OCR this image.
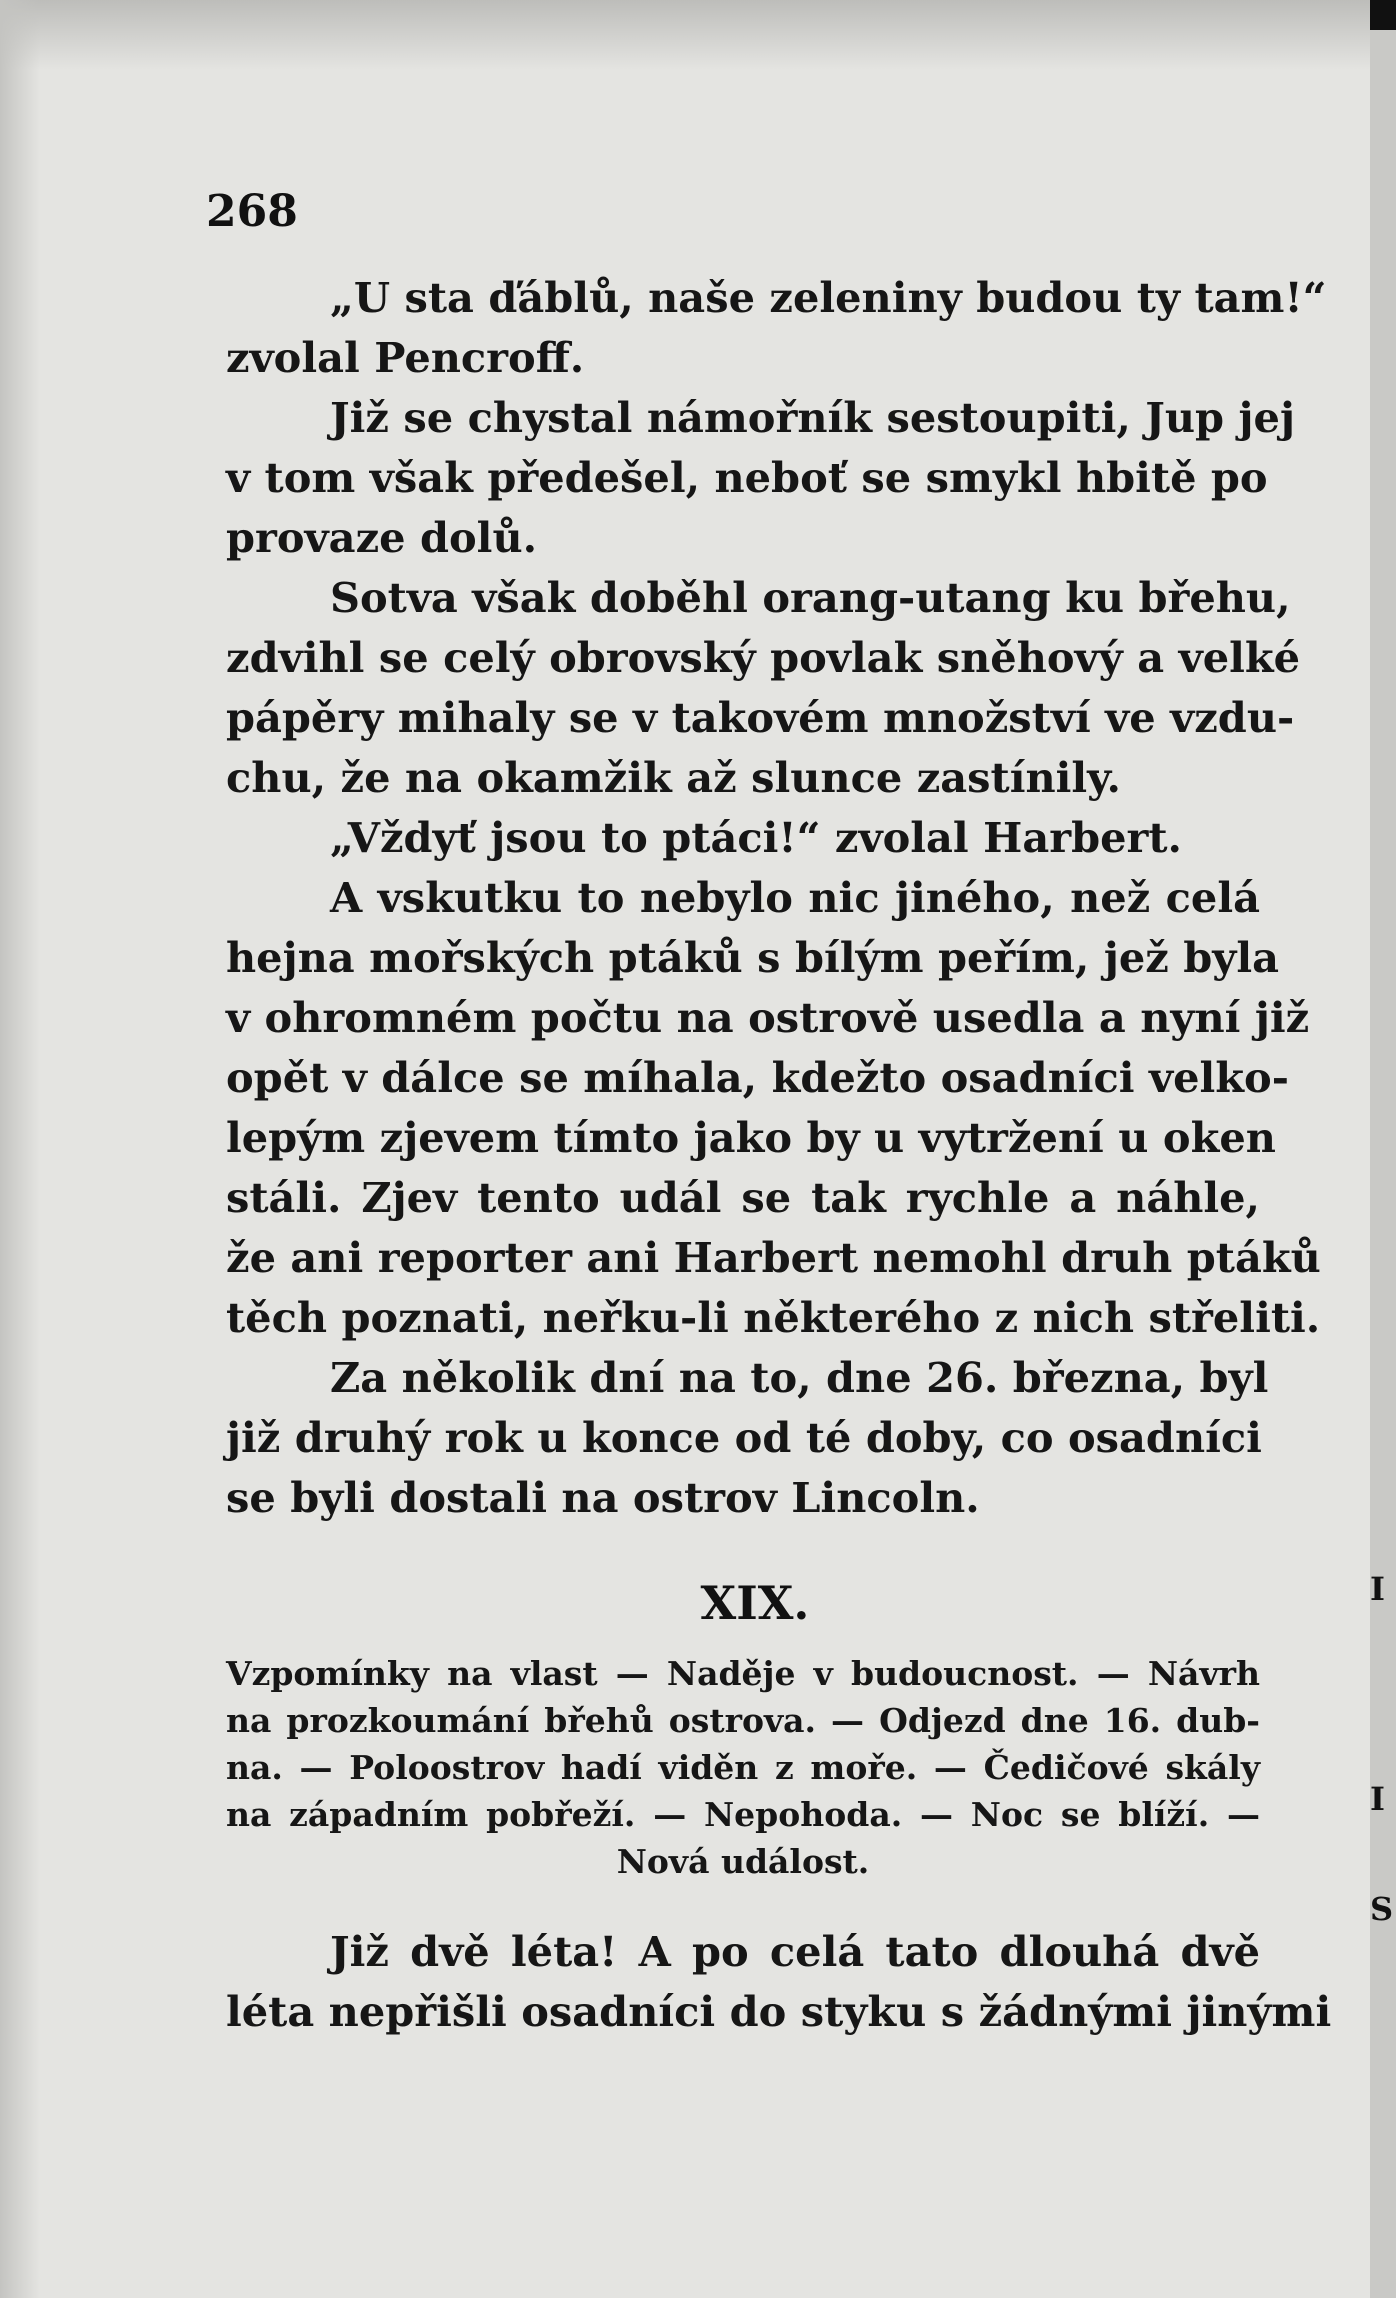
268
„U sta ďáblů, naše zeleniny budou ty tam!“
zvolal Pencroff.
Již se chystal námořník sestoupiti, Jup jej
v tom však předešel, neboť se smykl hbitě po
provaze dolů.
Sotva však doběhl orang-utang ku břehu,
zdvihl se celý obrovský povlak sněhový a velké
pápěry mihaly se v takovém množství ve vzdu-
chu, že na okamžik až slunce zastínily.
„Vždyť jsou to ptáci!“ zvolal Harbert.
A vskutku to nebylo nic jiného, než celá
hejna mořských ptáků s bílým peřím, jež byla
v ohromném počtu na ostrově usedla a nyní již
opět v dálce se míhala, kdežto osadníci velko-
lepým zjevem tímto jako by u vytržení u oken
stáli. Zjev tento udál se tak rychle a náhle,
že ani reporter ani Harbert nemohl druh ptáků
těch poznati, neřku-li některého z nich střeliti.
Za několik dní na to, dne 26. března, byl
již druhý rok u konce od té doby, co osadníci
se byli dostali na ostrov Lincoln.
XIX.
Vzpomínky na vlast — Naděje v budoucnost. — Návrh
na prozkoumání břehů ostrova. — Odjezd dne 16. dub-
na. — Poloostrov hadí viděn z moře. — Čedičové skály
na západním pobřeží. — Nepohoda. — Noc se blíží. —
Nová událost.
Již dvě léta! A po celá tato dlouhá dvě
léta nepřišli osadníci do styku s žádnými jinými
I
I
S
